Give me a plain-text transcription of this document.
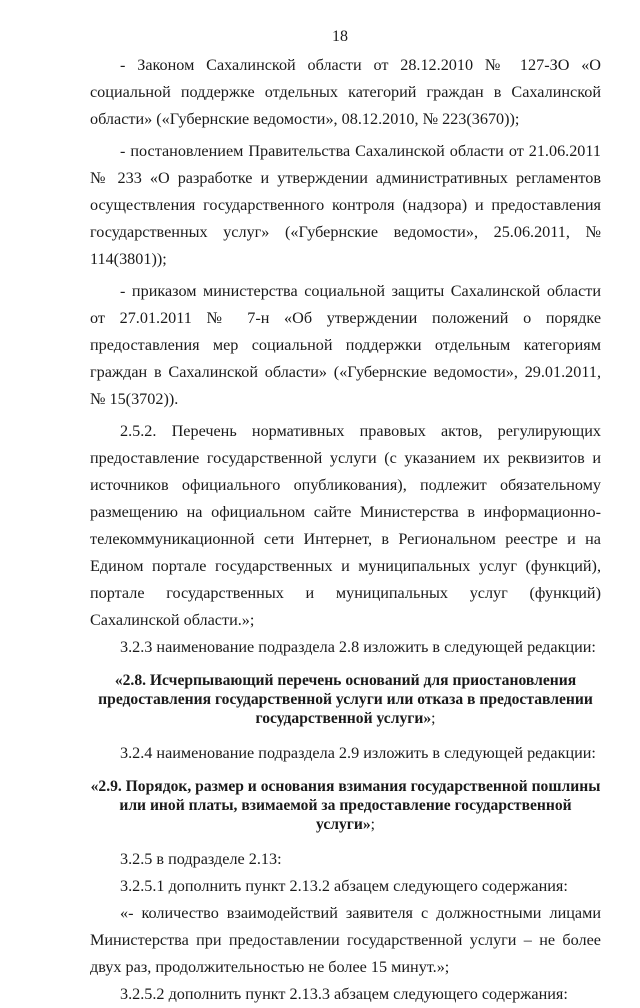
18

- Законом Сахалинской области от 28.12.2010 № 127-ЗО «О социальной поддержке отдельных категорий граждан в Сахалинской области» («Губернские ведомости», 08.12.2010, № 223(3670));

- постановлением Правительства Сахалинской области от 21.06.2011 № 233 «О разработке и утверждении административных регламентов осуществления государственного контроля (надзора) и предоставления государственных услуг» («Губернские ведомости», 25.06.2011, № 114(3801));

- приказом министерства социальной защиты Сахалинской области от 27.01.2011 № 7-н «Об утверждении положений о порядке предоставления мер социальной поддержки отдельным категориям граждан в Сахалинской области» («Губернские ведомости», 29.01.2011, № 15(3702)).

2.5.2. Перечень нормативных правовых актов, регулирующих предоставление государственной услуги (с указанием их реквизитов и источников официального опубликования), подлежит обязательному размещению на официальном сайте Министерства в информационно-телекоммуникационной сети Интернет, в Региональном реестре и на Едином портале государственных и муниципальных услуг (функций), портале государственных и муниципальных услуг (функций) Сахалинской области.»;

3.2.3 наименование подраздела 2.8 изложить в следующей редакции:

«2.8. Исчерпывающий перечень оснований для приостановления предоставления государственной услуги или отказа в предоставлении государственной услуги»;

3.2.4 наименование подраздела 2.9 изложить в следующей редакции:

«2.9. Порядок, размер и основания взимания государственной пошлины или иной платы, взимаемой за предоставление государственной услуги»;

3.2.5 в подразделе 2.13:

3.2.5.1 дополнить пункт 2.13.2 абзацем следующего содержания:

«- количество взаимодействий заявителя с должностными лицами Министерства при предоставлении государственной услуги – не более двух раз, продолжительностью не более 15 минут.»;

3.2.5.2 дополнить пункт 2.13.3 абзацем следующего содержания:
